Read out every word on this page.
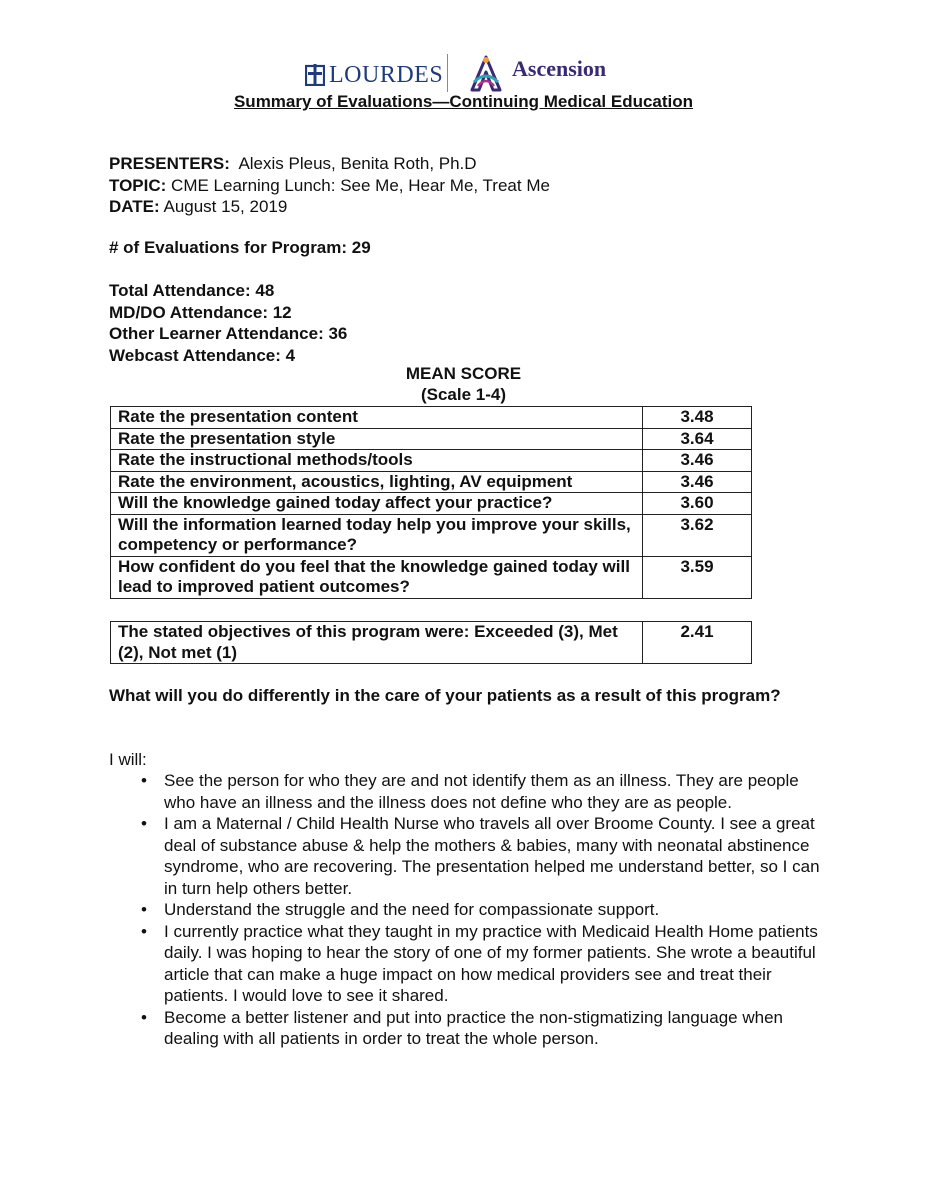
LOURDES	Ascension
Summary of Evaluations—Continuing Medical Education
PRESENTERS: Alexis Pleus, Benita Roth, Ph.D
TOPIC: CME Learning Lunch: See Me, Hear Me, Treat Me
DATE: August 15, 2019
# of Evaluations for Program: 29
Total Attendance: 48
MD/DO Attendance: 12
Other Learner Attendance: 36
Webcast Attendance: 4
MEAN SCORE
(Scale 1-4)
Rate the presentation content	3.48
Rate the presentation style	3.64
Rate the instructional methods/tools	3.46
Rate the environment, acoustics, lighting, AV equipment	3.46
Will the knowledge gained today affect your practice?	3.60
Will the information learned today help you improve your skills, competency or performance?	3.62
How confident do you feel that the knowledge gained today will lead to improved patient outcomes?	3.59
The stated objectives of this program were: Exceeded (3), Met (2), Not met (1)	2.41
What will you do differently in the care of your patients as a result of this program?
I will:
• See the person for who they are and not identify them as an illness. They are people who have an illness and the illness does not define who they are as people.
• I am a Maternal / Child Health Nurse who travels all over Broome County. I see a great deal of substance abuse & help the mothers & babies, many with neonatal abstinence syndrome, who are recovering. The presentation helped me understand better, so I can in turn help others better.
• Understand the struggle and the need for compassionate support.
• I currently practice what they taught in my practice with Medicaid Health Home patients daily. I was hoping to hear the story of one of my former patients. She wrote a beautiful article that can make a huge impact on how medical providers see and treat their patients. I would love to see it shared.
• Become a better listener and put into practice the non-stigmatizing language when dealing with all patients in order to treat the whole person.
